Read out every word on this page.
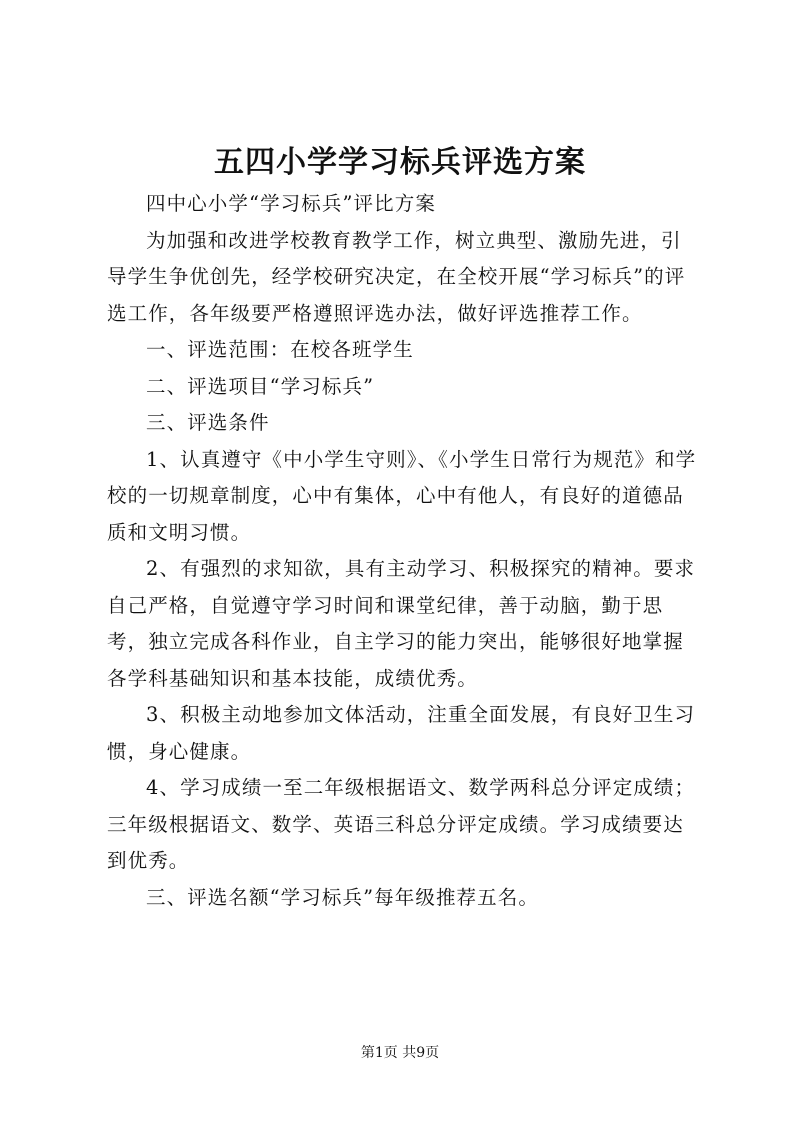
五四小学学习标兵评选方案

四中心小学“学习标兵”评比方案

为加强和改进学校教育教学工作，树立典型、激励先进，引导学生争优创先，经学校研究决定，在全校开展“学习标兵”的评选工作，各年级要严格遵照评选办法，做好评选推荐工作。

一、评选范围：在校各班学生

二、评选项目“学习标兵”

三、评选条件

1、认真遵守《中小学生守则》、《小学生日常行为规范》和学校的一切规章制度，心中有集体，心中有他人，有良好的道德品质和文明习惯。

2、有强烈的求知欲，具有主动学习、积极探究的精神。要求自己严格，自觉遵守学习时间和课堂纪律，善于动脑，勤于思考，独立完成各科作业，自主学习的能力突出，能够很好地掌握各学科基础知识和基本技能，成绩优秀。

3、积极主动地参加文体活动，注重全面发展，有良好卫生习惯，身心健康。

4、学习成绩一至二年级根据语文、数学两科总分评定成绩；三年级根据语文、数学、英语三科总分评定成绩。学习成绩要达到优秀。

三、评选名额“学习标兵”每年级推荐五名。

第1页 共9页
